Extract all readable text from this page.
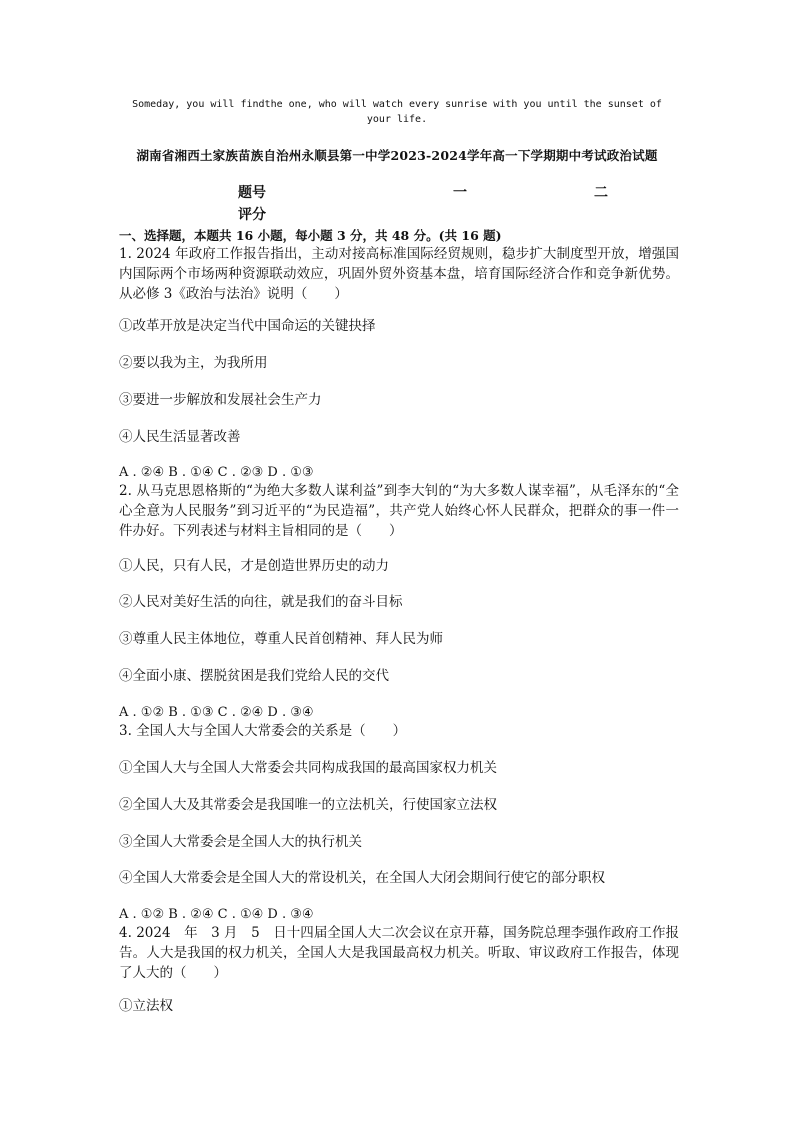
Someday, you will findthe one, who will watch every sunrise with you until the sunset of your life.
湖南省湘西土家族苗族自治州永顺县第一中学2023-2024学年高一下学期期中考试政治试题
题号	一	二
评分
一、选择题，本题共 16 小题，每小题 3 分，共 48 分。(共 16 题)
1. 2024 年政府工作报告指出，主动对接高标准国际经贸规则，稳步扩大制度型开放，增强国内国际两个市场两种资源联动效应，巩固外贸外资基本盘，培育国际经济合作和竞争新优势。从必修 3《政治与法治》说明（　　）
①改革开放是决定当代中国命运的关键抉择
②要以我为主，为我所用
③要进一步解放和发展社会生产力
④人民生活显著改善
A . ②④ B . ①④ C . ②③ D . ①③
2. 从马克思恩格斯的“为绝大多数人谋利益”到李大钊的“为大多数人谋幸福”，从毛泽东的“全心全意为人民服务”到习近平的“为民造福”，共产党人始终心怀人民群众，把群众的事一件一件办好。下列表述与材料主旨相同的是（　　）
①人民，只有人民，才是创造世界历史的动力
②人民对美好生活的向往，就是我们的奋斗目标
③尊重人民主体地位，尊重人民首创精神、拜人民为师
④全面小康、摆脱贫困是我们党给人民的交代
A . ①② B . ①③ C . ②④ D . ③④
3. 全国人大与全国人大常委会的关系是（　　）
①全国人大与全国人大常委会共同构成我国的最高国家权力机关
②全国人大及其常委会是我国唯一的立法机关，行使国家立法权
③全国人大常委会是全国人大的执行机关
④全国人大常委会是全国人大的常设机关，在全国人大闭会期间行使它的部分职权
A . ①② B . ②④ C . ①④ D . ③④
4. 2024　年　3 月　5　日十四届全国人大二次会议在京开幕，国务院总理李强作政府工作报告。人大是我国的权力机关，全国人大是我国最高权力机关。听取、审议政府工作报告，体现了人大的（　　）
①立法权
